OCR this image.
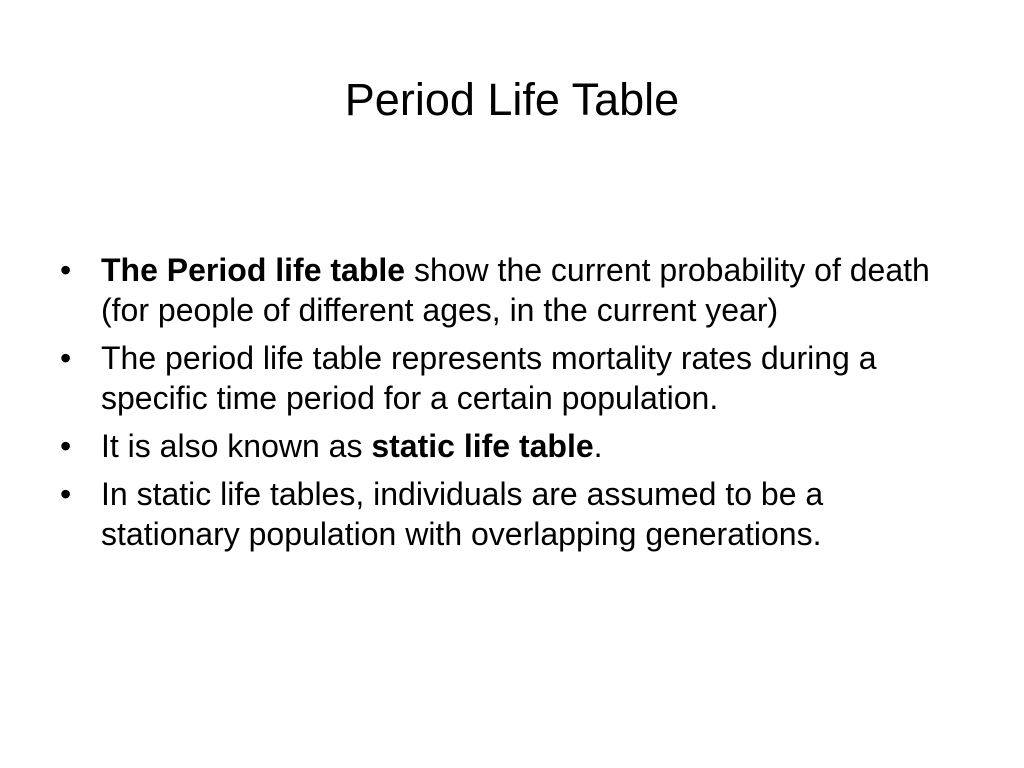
Period Life Table
• The Period life table show the current probability of death (for people of different ages, in the current year)
• The period life table represents mortality rates during a specific time period for a certain population.
• It is also known as static life table.
• In static life tables, individuals are assumed to be a stationary population with overlapping generations.
